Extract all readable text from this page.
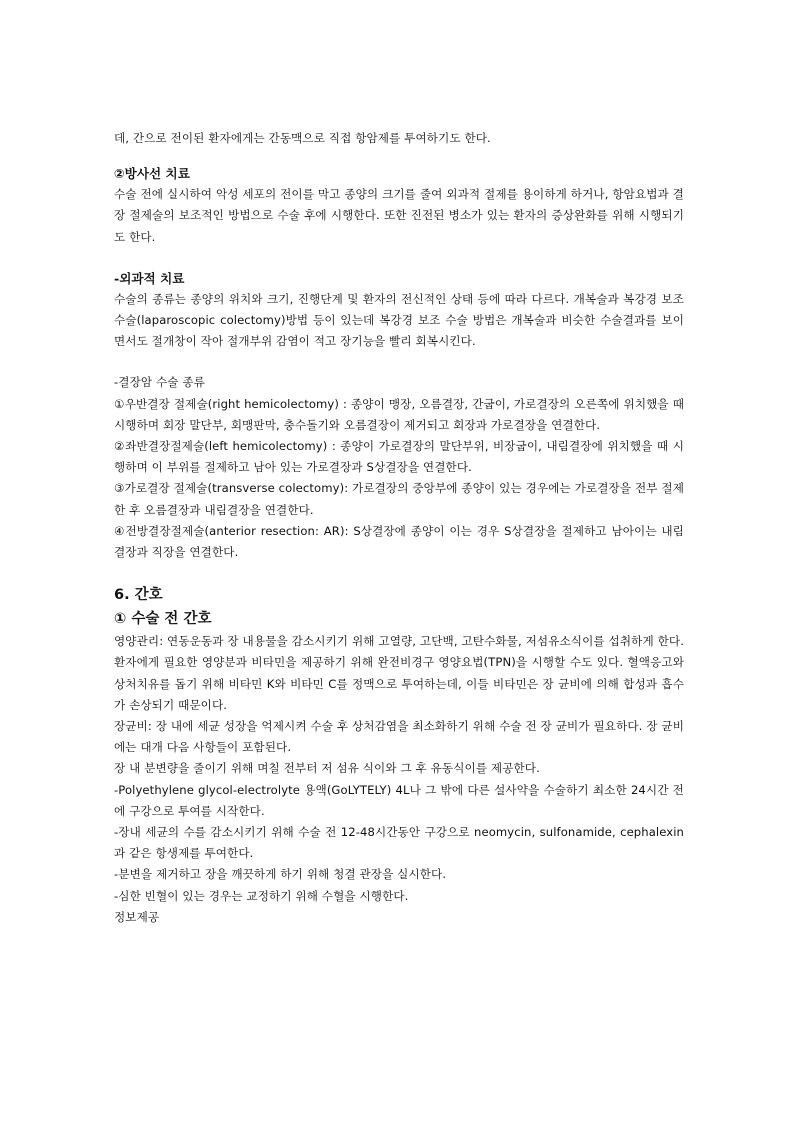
데, 간으로 전이된 환자에게는 간동맥으로 직접 항암제를 투여하기도 한다.

②방사선 치료

수술 전에 실시하여 악성 세포의 전이를 막고 종양의 크기를 줄여 외과적 절제를 용이하게 하거나, 항암요법과 결장 절제술의 보조적인 방법으로 수술 후에 시행한다. 또한 진전된 병소가 있는 환자의 증상완화를 위해 시행되기도 한다.

-외과적 치료

수술의 종류는 종양의 위치와 크기, 진행단계 및 환자의 전신적인 상태 등에 따라 다르다. 개복술과 복강경 보조 수술(laparoscopic colectomy)방법 등이 있는데 복강경 보조 수술 방법은 개복술과 비슷한 수술결과를 보이면서도 절개창이 작아 절개부위 감염이 적고 장기능을 빨리 회복시킨다.

-결장암 수술 종류

①우반결장 절제술(right hemicolectomy) : 종양이 맹장, 오름결장, 간굽이, 가로결장의 오른쪽에 위치했을 때 시행하며 회장 말단부, 회맹판막, 충수돌기와 오름결장이 제거되고 회장과 가로결장을 연결한다.

②좌반결장절제술(left hemicolectomy) : 종양이 가로결장의 말단부위, 비장굽이, 내림결장에 위치했을 때 시행하며 이 부위를 절제하고 남아 있는 가로결장과 S상결장을 연결한다.

③가로결장 절제술(transverse colectomy): 가로결장의 중앙부에 종양이 있는 경우에는 가로결장을 전부 절제한 후 오름결장과 내림결장을 연결한다.

④전방결장절제술(anterior resection: AR): S상결장에 종양이 이는 경우 S상결장을 절제하고 남아이는 내림결장과 직장을 연결한다.

6. 간호

① 수술 전 간호

영양관리: 연동운동과 장 내용물을 감소시키기 위해 고열량, 고단백, 고탄수화물, 저섬유소식이를 섭취하게 한다. 환자에게 필요한 영양분과 비타민을 제공하기 위해 완전비경구 영양요법(TPN)을 시행할 수도 있다. 혈액응고와 상처치유를 돕기 위해 비타민 K와 비타민 C를 정맥으로 투여하는데, 이들 비타민은 장 균비에 의해 합성과 흡수가 손상되기 때문이다.

장균비: 장 내에 세균 성장을 억제시켜 수술 후 상처감염을 최소화하기 위해 수술 전 장 균비가 필요하다. 장 균비에는 대개 다음 사항들이 포함된다.

장 내 분변량을 줄이기 위해 며칠 전부터 저 섬유 식이와 그 후 유동식이를 제공한다.

-Polyethylene glycol-electrolyte 용액(GoLYTELY) 4L나 그 밖에 다른 설사약을 수술하기 최소한 24시간 전에 구강으로 투여를 시작한다.

-장내 세균의 수를 감소시키기 위해 수술 전 12-48시간동안 구강으로 neomycin, sulfonamide, cephalexin과 같은 항생제를 투여한다.

-분변을 제거하고 장을 깨끗하게 하기 위해 청결 관장을 실시한다.

-심한 빈혈이 있는 경우는 교정하기 위해 수혈을 시행한다.

정보제공
